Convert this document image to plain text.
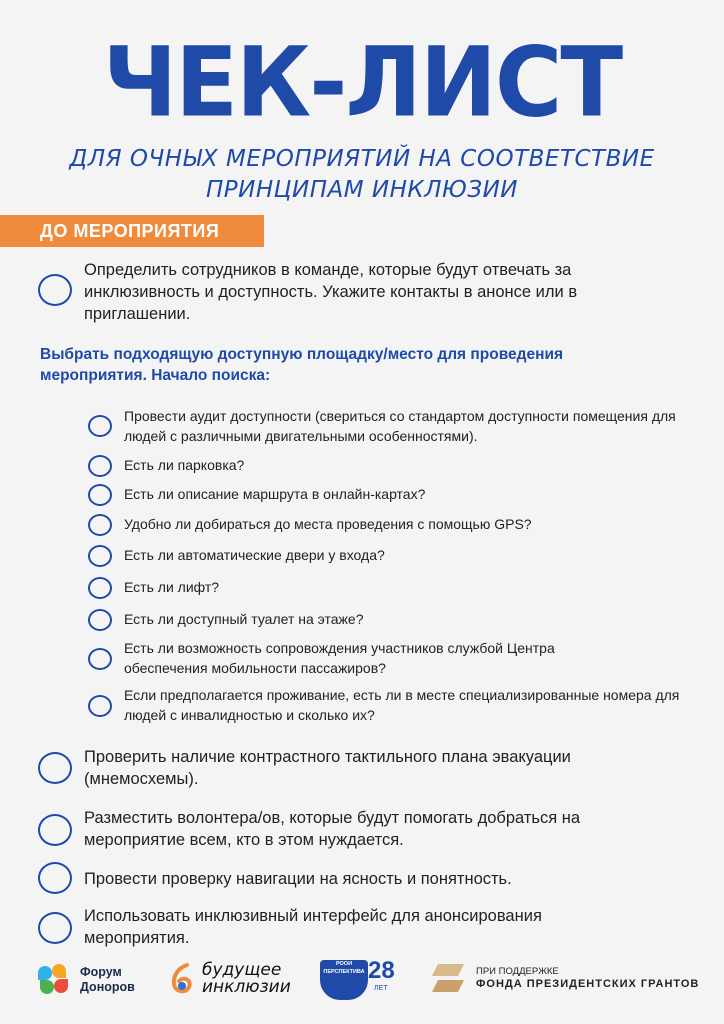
ЧЕК-ЛИСТ
ДЛЯ ОЧНЫХ МЕРОПРИЯТИЙ НА СООТВЕТСТВИЕ
ПРИНЦИПАМ ИНКЛЮЗИИ
ДО МЕРОПРИЯТИЯ
Определить сотрудников в команде, которые будут отвечать за инклюзивность и доступность. Укажите контакты в анонсе или в приглашении.
Выбрать подходящую доступную площадку/место для проведения мероприятия. Начало поиска:
Провести аудит доступности (свериться со стандартом доступности помещения для людей с различными двигательными особенностями).
Есть ли парковка?
Есть ли описание маршрута в онлайн-картах?
Удобно ли добираться до места проведения с помощью GPS?
Есть ли автоматические двери у входа?
Есть ли лифт?
Есть ли доступный туалет на этаже?
Есть ли возможность сопровождения участников службой Центра обеспечения мобильности пассажиров?
Если предполагается проживание, есть ли в месте специализированные номера для людей с инвалидностью и сколько их?
Проверить наличие контрастного тактильного плана эвакуации (мнемосхемы).
Разместить волонтера/ов, которые будут помогать добраться на мероприятие всем, кто в этом нуждается.
Провести проверку навигации на ясность и понятность.
Использовать инклюзивный интерфейс для анонсирования мероприятия.
Форум
Доноров
будущее
инклюзии
РООИ ПЕРСПЕКТИВА 28
ЛЕТ
ПРИ ПОДДЕРЖКЕ
ФОНДА ПРЕЗИДЕНТСКИХ ГРАНТОВ
